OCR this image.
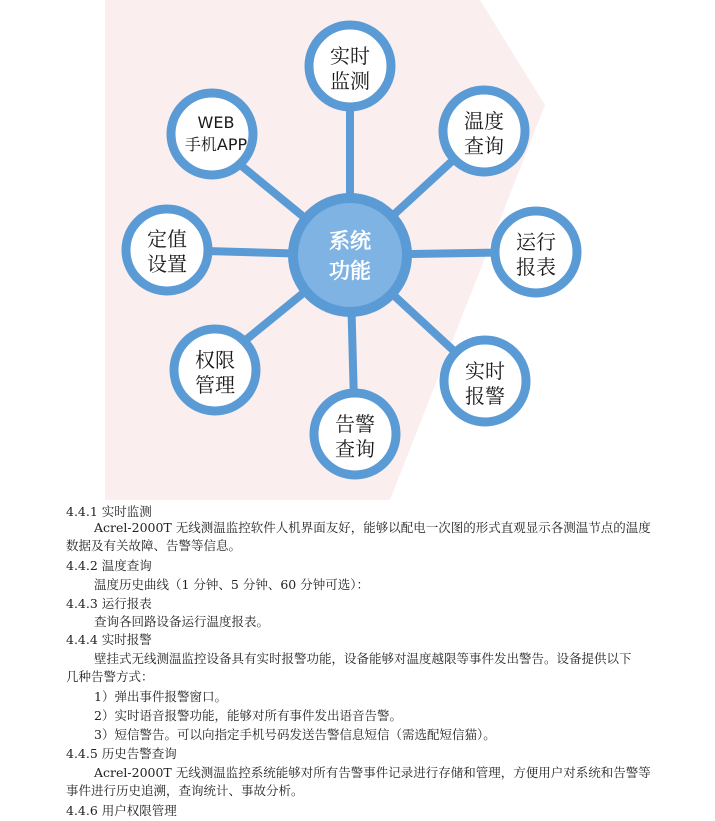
系统
功能
实时
监测
温度
查询
运行
报表
实时
报警
告警
查询
权限
管理
定值
设置
WEB
手机APP
4.4.1 实时监测
Acrel-2000T 无线测温监控软件人机界面友好，能够以配电一次图的形式直观显示各测温节点的温度
数据及有关故障、告警等信息。
4.4.2 温度查询
温度历史曲线（1 分钟、5 分钟、60 分钟可选）：
4.4.3 运行报表
查询各回路设备运行温度报表。
4.4.4 实时报警
壁挂式无线测温监控设备具有实时报警功能，设备能够对温度越限等事件发出警告。设备提供以下
几种告警方式：
1）弹出事件报警窗口。
2）实时语音报警功能，能够对所有事件发出语音告警。
3）短信警告。可以向指定手机号码发送告警信息短信（需选配短信猫）。
4.4.5 历史告警查询
Acrel-2000T 无线测温监控系统能够对所有告警事件记录进行存储和管理，方便用户对系统和告警等
事件进行历史追溯，查询统计、事故分析。
4.4.6 用户权限管理
